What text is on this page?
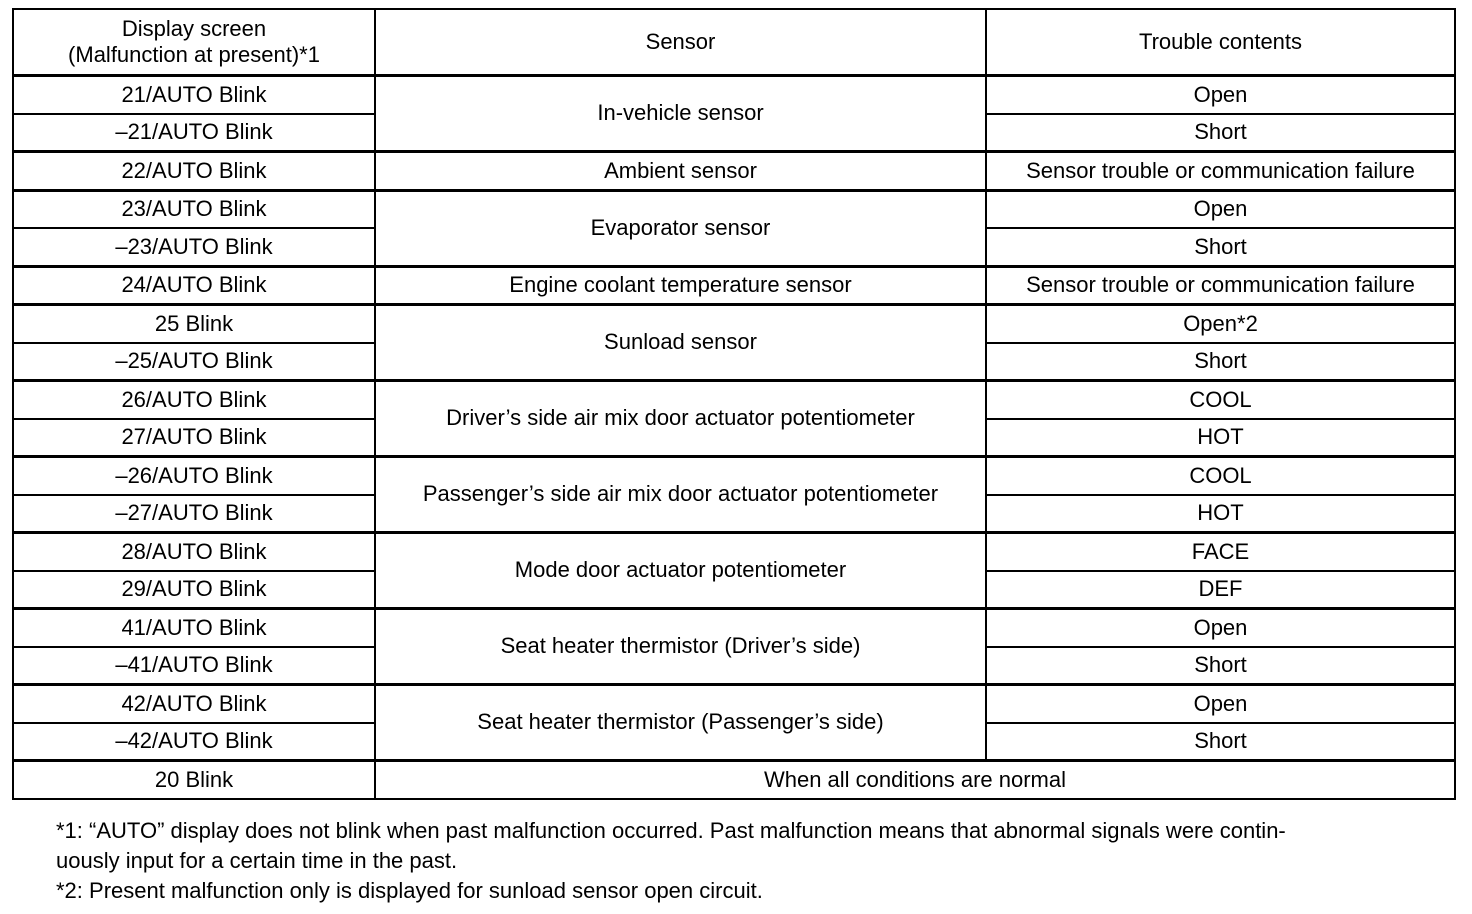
Display screen
(Malfunction at present)*1	Sensor	Trouble contents
21/AUTO Blink	In-vehicle sensor	Open
–21/AUTO Blink		Short
22/AUTO Blink	Ambient sensor	Sensor trouble or communication failure
23/AUTO Blink	Evaporator sensor	Open
–23/AUTO Blink		Short
24/AUTO Blink	Engine coolant temperature sensor	Sensor trouble or communication failure
25 Blink	Sunload sensor	Open*2
–25/AUTO Blink		Short
26/AUTO Blink	Driver’s side air mix door actuator potentiometer	COOL
27/AUTO Blink		HOT
–26/AUTO Blink	Passenger’s side air mix door actuator potentiometer	COOL
–27/AUTO Blink		HOT
28/AUTO Blink	Mode door actuator potentiometer	FACE
29/AUTO Blink		DEF
41/AUTO Blink	Seat heater thermistor (Driver’s side)	Open
–41/AUTO Blink		Short
42/AUTO Blink	Seat heater thermistor (Passenger’s side)	Open
–42/AUTO Blink		Short
20 Blink	When all conditions are normal	

*1: “AUTO” display does not blink when past malfunction occurred. Past malfunction means that abnormal signals were contin-

uously input for a certain time in the past.

*2: Present malfunction only is displayed for sunload sensor open circuit.
